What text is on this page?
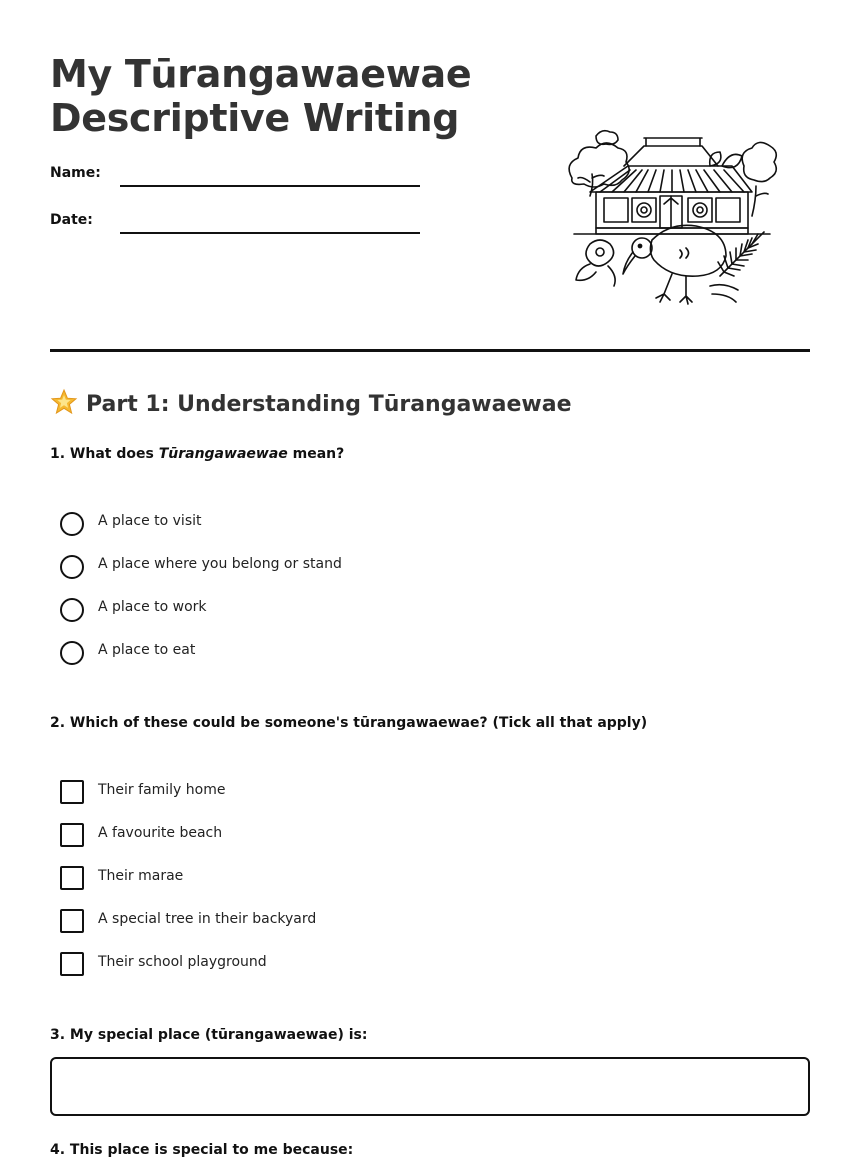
My Tūrangawaewae
Descriptive Writing
Name:
Date:
Part 1: Understanding Tūrangawaewae

1. What does Tūrangawaewae mean?

A place to visit
A place where you belong or stand
A place to work
A place to eat

2. Which of these could be someone's tūrangawaewae? (Tick all that apply)

Their family home
A favourite beach
Their marae
A special tree in their backyard
Their school playground

3. My special place (tūrangawaewae) is:

4. This place is special to me because:
